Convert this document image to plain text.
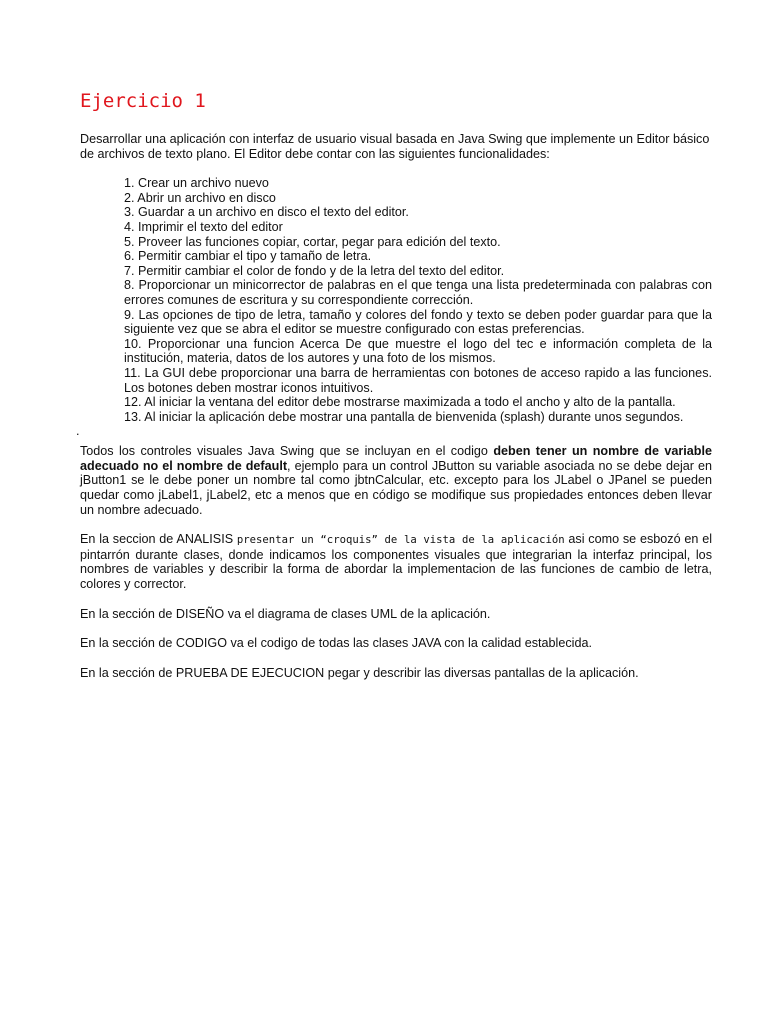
Ejercicio 1

Desarrollar una aplicación con interfaz de usuario visual basada en Java Swing que implemente un Editor básico de archivos de texto plano. El Editor debe contar con las siguientes funcionalidades:

1. Crear un archivo nuevo
2. Abrir un archivo en disco
3. Guardar a un archivo en disco el texto del editor.
4. Imprimir el texto del editor
5. Proveer las funciones copiar, cortar, pegar para edición del texto.
6. Permitir cambiar el tipo y tamaño de letra.
7. Permitir cambiar el color de fondo y de la letra del texto del editor.
8. Proporcionar un minicorrector de palabras en el que tenga una lista predeterminada con palabras con errores comunes de escritura y su correspondiente corrección.
9. Las opciones de tipo de letra, tamaño y colores del fondo y texto se deben poder guardar para que la siguiente vez que se abra el editor se muestre configurado con estas preferencias.
10. Proporcionar una funcion Acerca De que muestre el logo del tec e información completa de la institución, materia, datos de los autores y una foto de los mismos.
11. La GUI debe proporcionar una barra de herramientas con botones de acceso rapido a las funciones. Los botones deben mostrar iconos intuitivos.
12. Al iniciar la ventana del editor debe mostrarse maximizada a todo el ancho y alto de la pantalla.
13. Al iniciar la aplicación debe mostrar una pantalla de bienvenida (splash) durante unos segundos.
.

Todos los controles visuales Java Swing que se incluyan en el codigo deben tener un nombre de variable adecuado no el nombre de default, ejemplo para un control JButton su variable asociada no se debe dejar en jButton1 se le debe poner un nombre tal como jbtnCalcular, etc. excepto para los JLabel o JPanel se pueden quedar como jLabel1, jLabel2, etc a menos que en código se modifique sus propiedades entonces deben llevar un nombre adecuado.

En la seccion de ANALISIS presentar un “croquis” de la vista de la aplicación asi como se esbozó en el pintarrón durante clases, donde indicamos los componentes visuales que integrarian la interfaz principal, los nombres de variables y describir la forma de abordar la implementacion de las funciones de cambio de letra, colores y corrector.

En la sección de DISEÑO va el diagrama de clases UML de la aplicación.

En la sección de CODIGO va el codigo de todas las clases JAVA con la calidad establecida.

En la sección de PRUEBA DE EJECUCION pegar y describir las diversas pantallas de la aplicación.
